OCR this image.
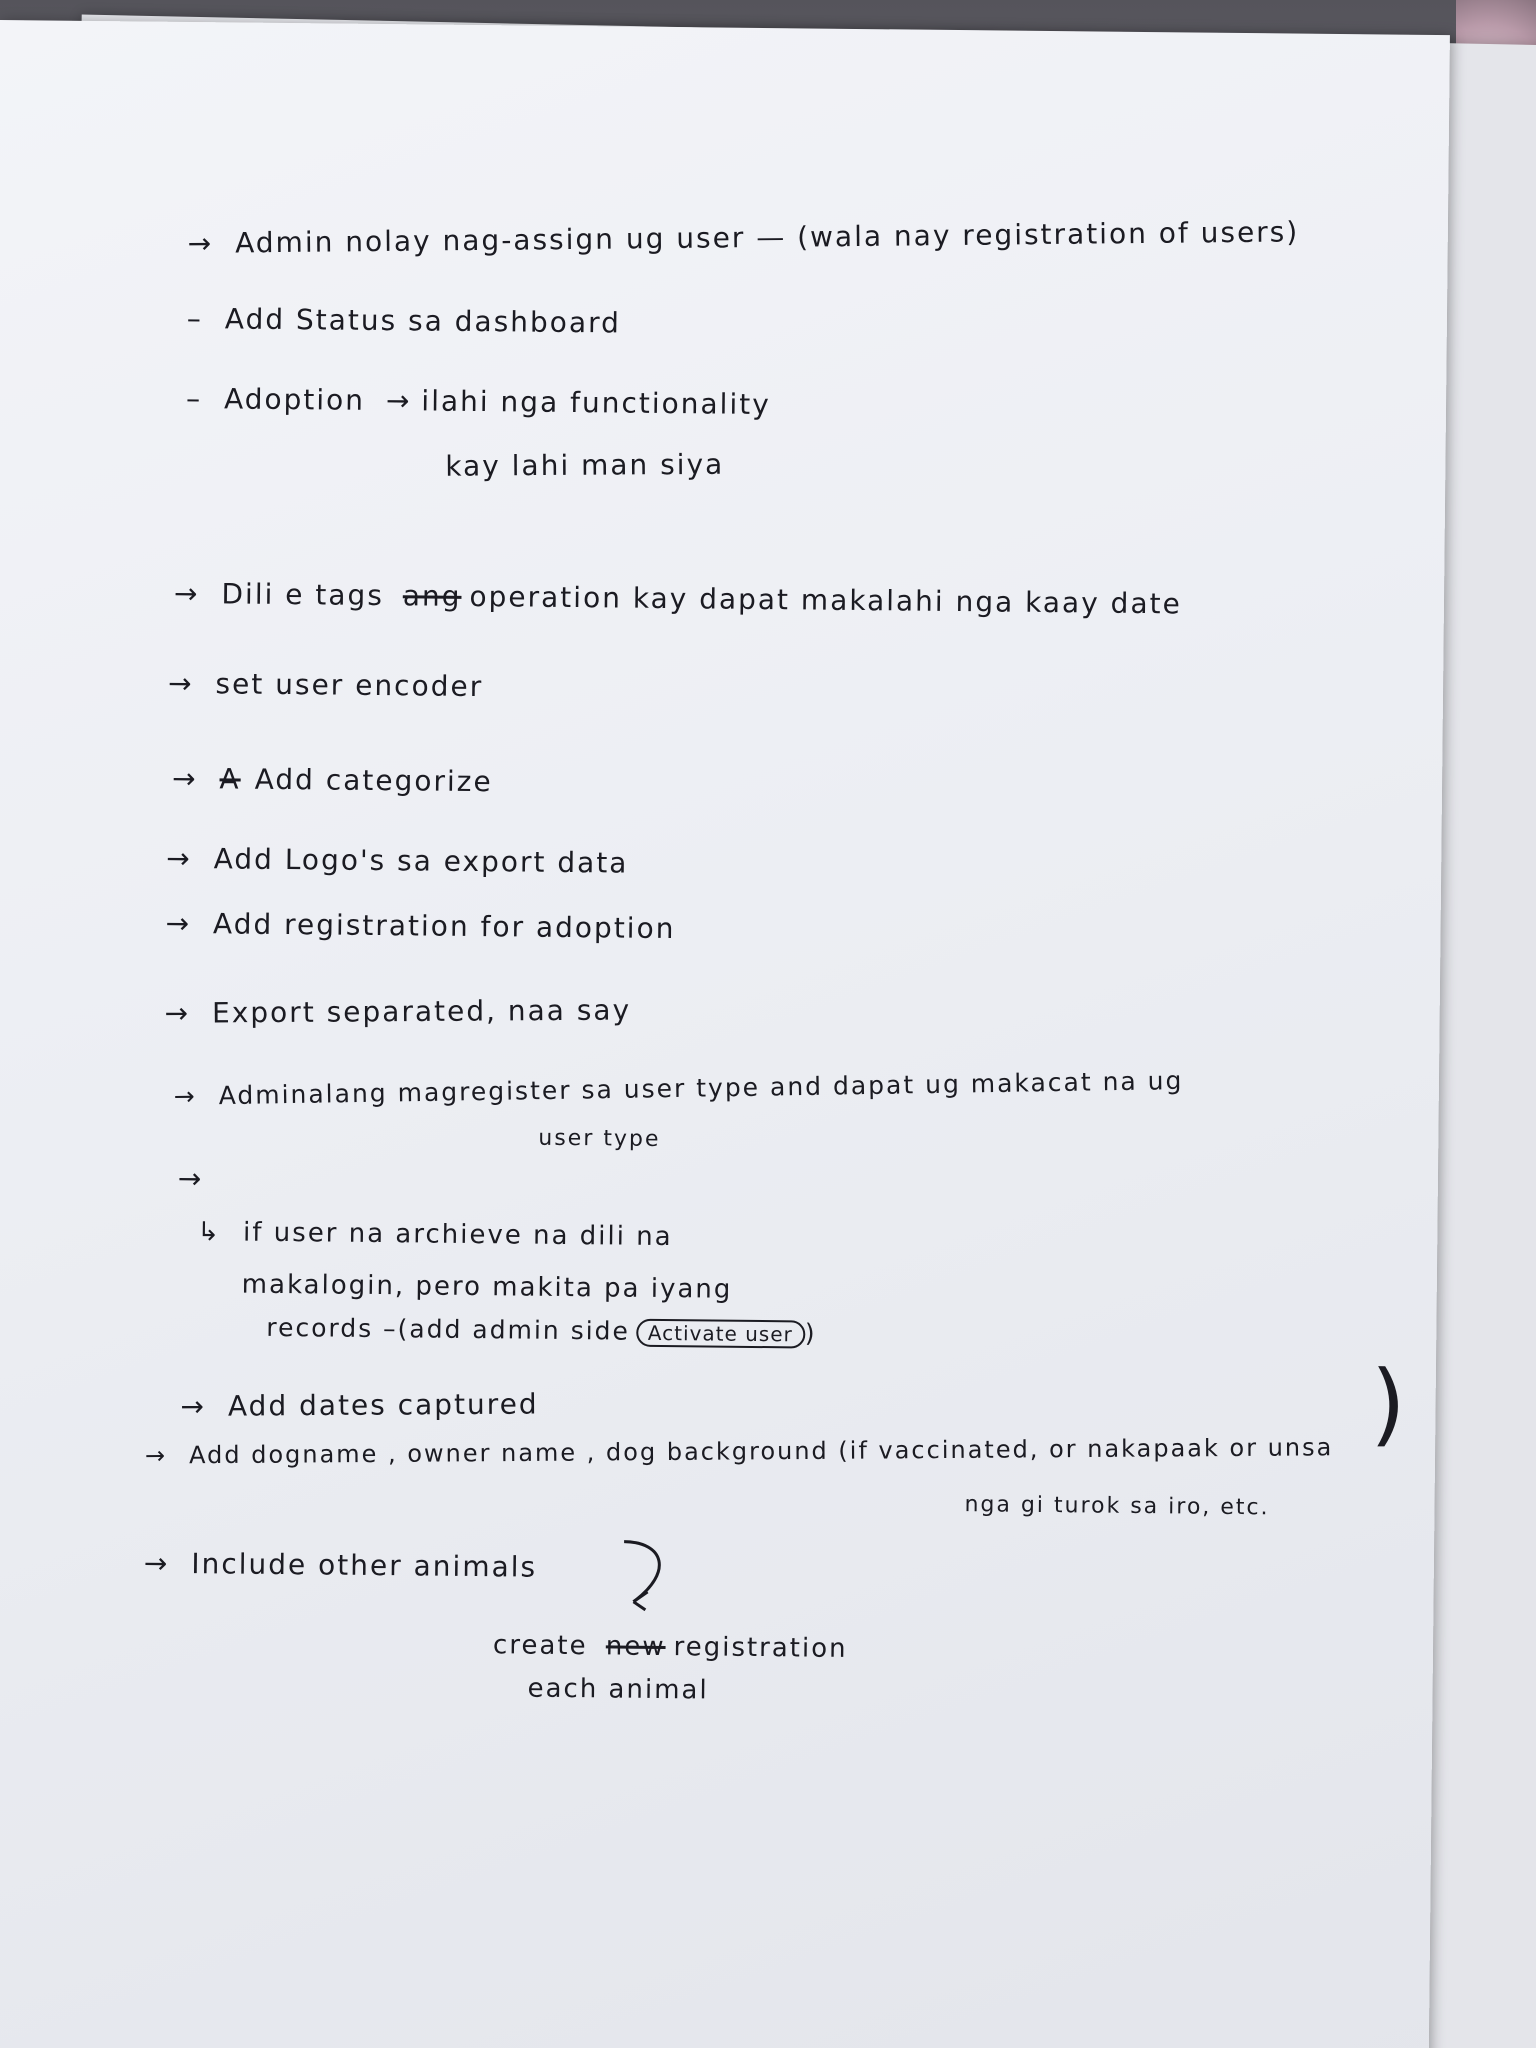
→ Admin nolay nag-assign ug user — (wala nay registration of users)
– Add Status sa dashboard
– Adoption → ilahi nga functionality
kay lahi man siya
→ Dili e tags ang operation kay dapat makalahi nga kaay date
→ set user encoder
→ A Add categorize
→ Add Logo's sa export data
→ Add registration for adoption
→ Export separated, naa say
→ Adminalang magregister sa user type and dapat ug makacat na ug
user type
→
↳ if user na archieve na dili na
makalogin, pero makita pa iyang
records –(add admin side Activate user )
→ Add dates captured
→ Add dogname , owner name , dog background (if vaccinated, or nakapaak or unsa
nga gi turok sa iro, etc.
)
→ Include other animals
create new registration
each animal
